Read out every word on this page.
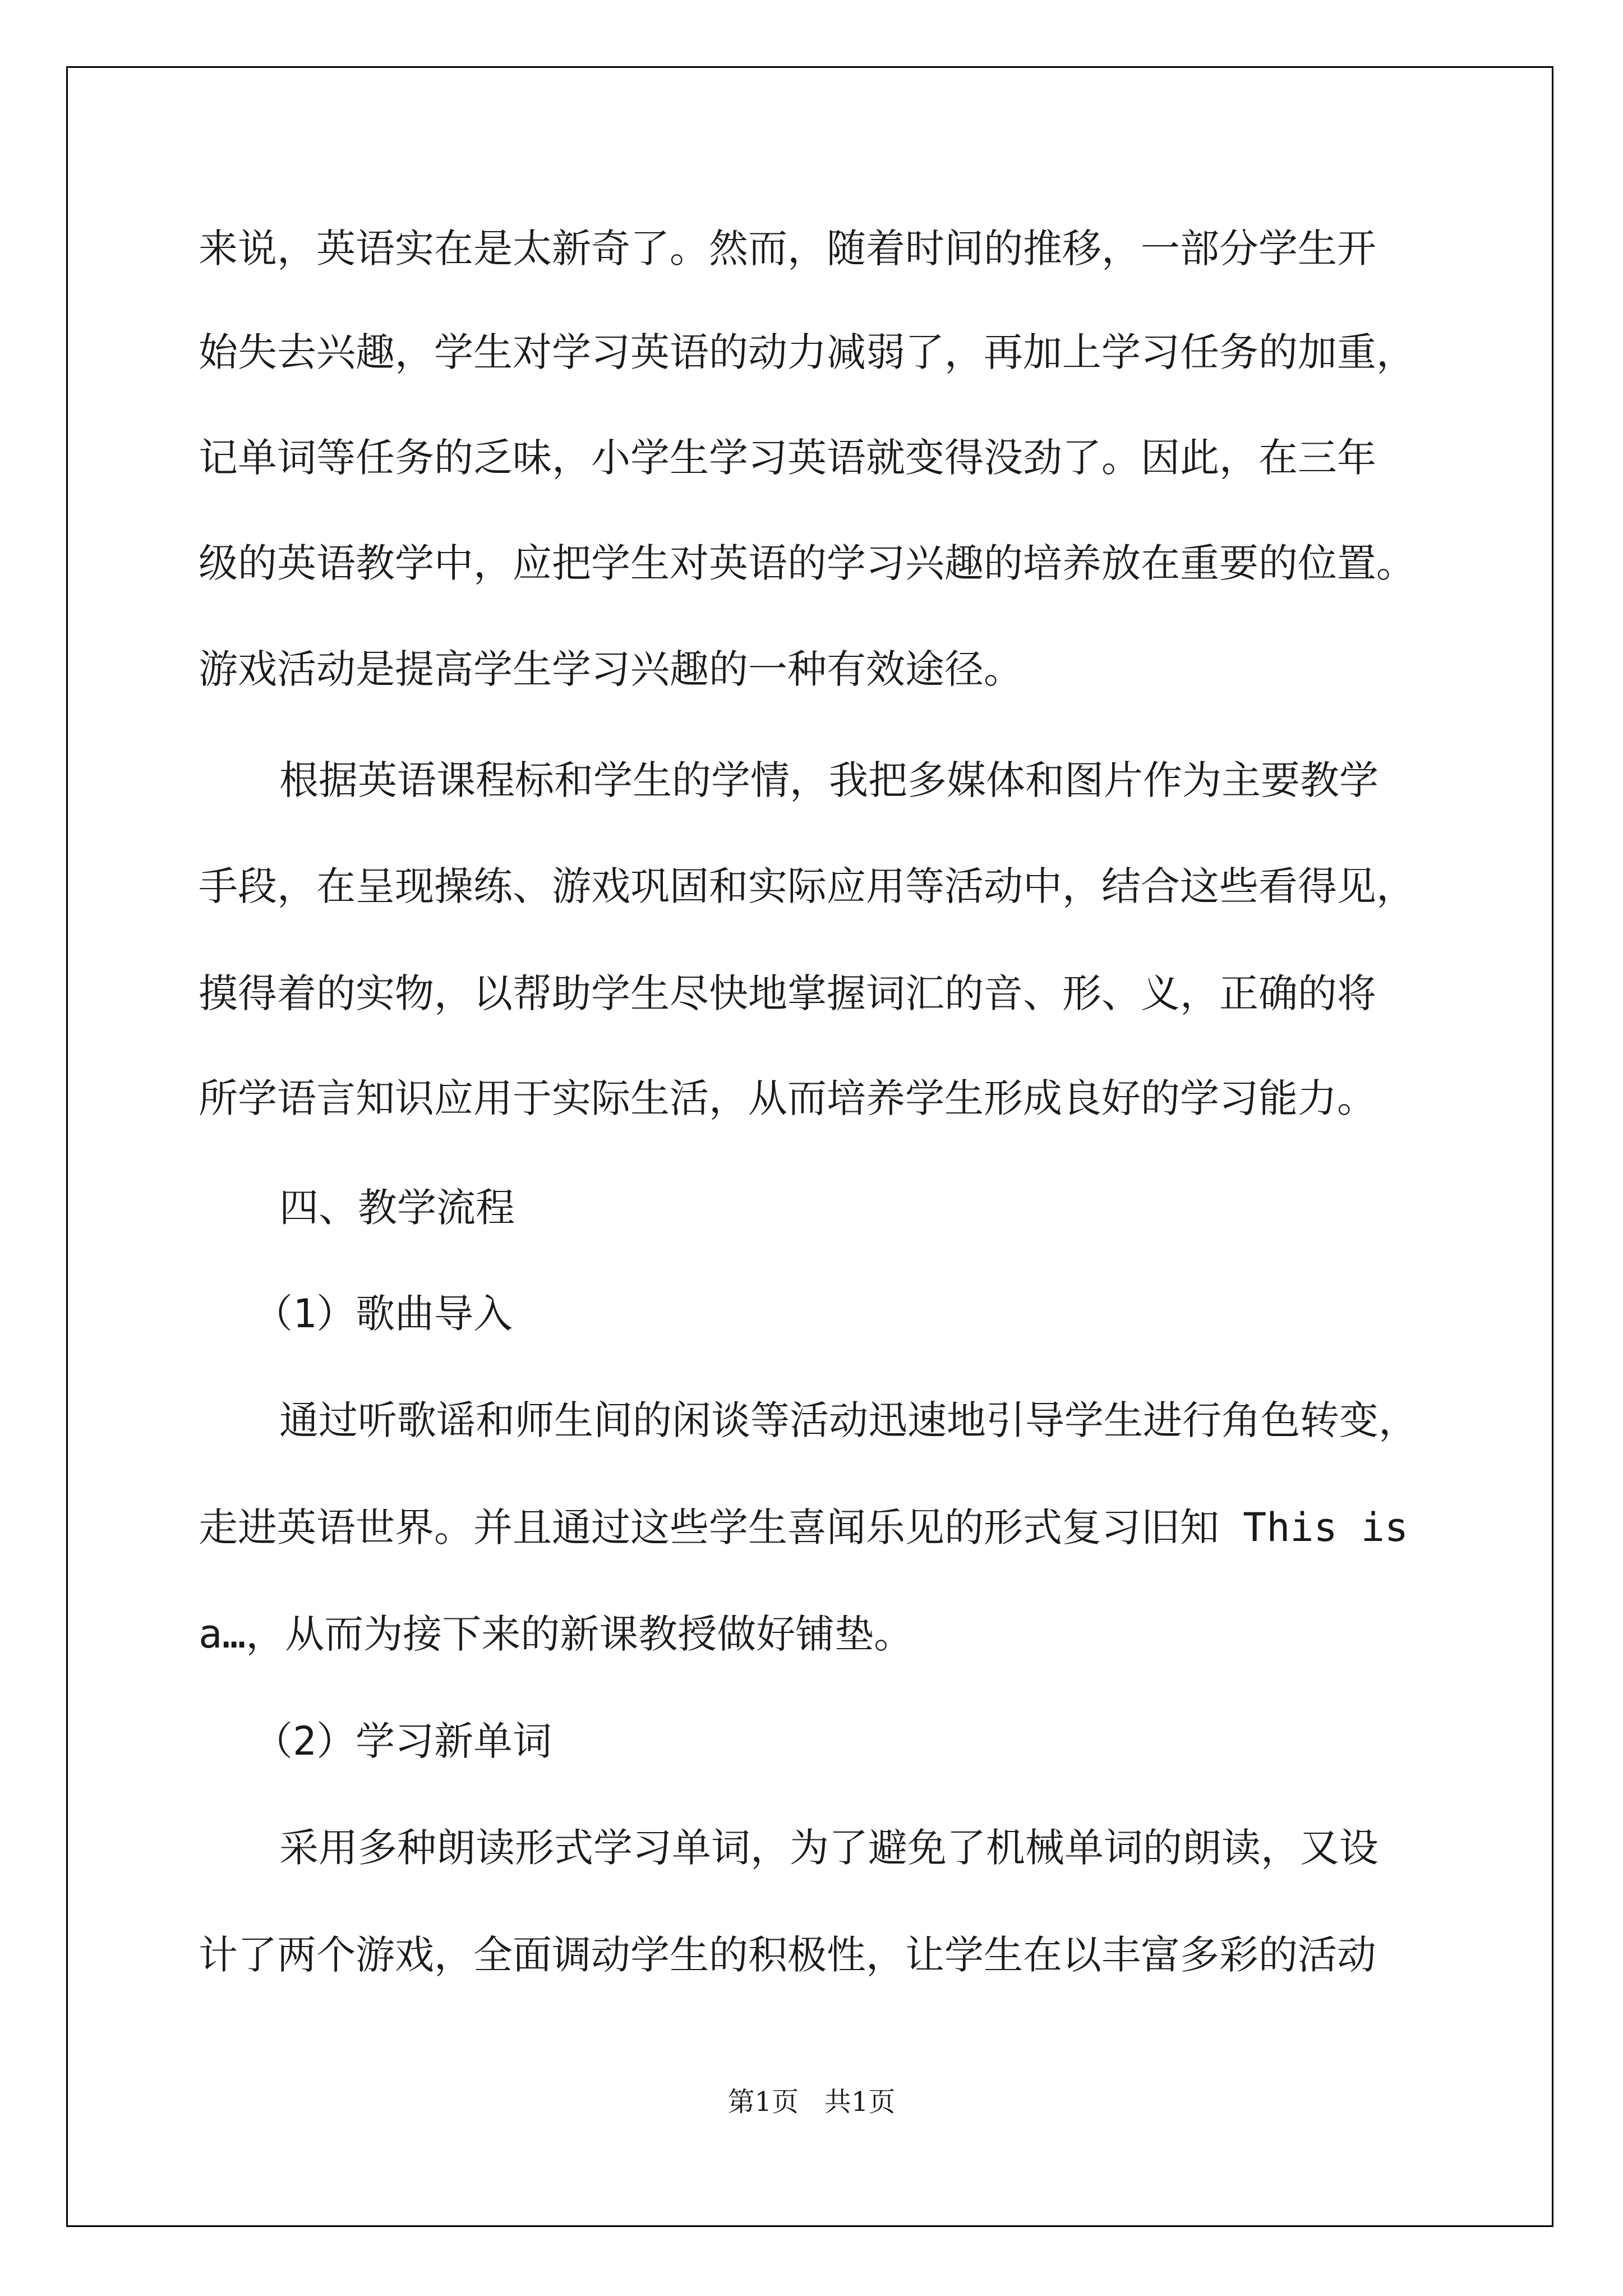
来说，英语实在是太新奇了。然而，随着时间的推移，一部分学生开
始失去兴趣，学生对学习英语的动力减弱了，再加上学习任务的加重，
记单词等任务的乏味，小学生学习英语就变得没劲了。因此，在三年
级的英语教学中，应把学生对英语的学习兴趣的培养放在重要的位置。
游戏活动是提高学生学习兴趣的一种有效途径。
根据英语课程标和学生的学情，我把多媒体和图片作为主要教学
手段，在呈现操练、游戏巩固和实际应用等活动中，结合这些看得见，
摸得着的实物，以帮助学生尽快地掌握词汇的音、形、义，正确的将
所学语言知识应用于实际生活，从而培养学生形成良好的学习能力。
四、教学流程
（1）歌曲导入
通过听歌谣和师生间的闲谈等活动迅速地引导学生进行角色转变，
走进英语世界。并且通过这些学生喜闻乐见的形式复习旧知 This is
a…，从而为接下来的新课教授做好铺垫。
（2）学习新单词
采用多种朗读形式学习单词，为了避免了机械单词的朗读，又设
计了两个游戏，全面调动学生的积极性，让学生在以丰富多彩的活动
第1页   共1页
